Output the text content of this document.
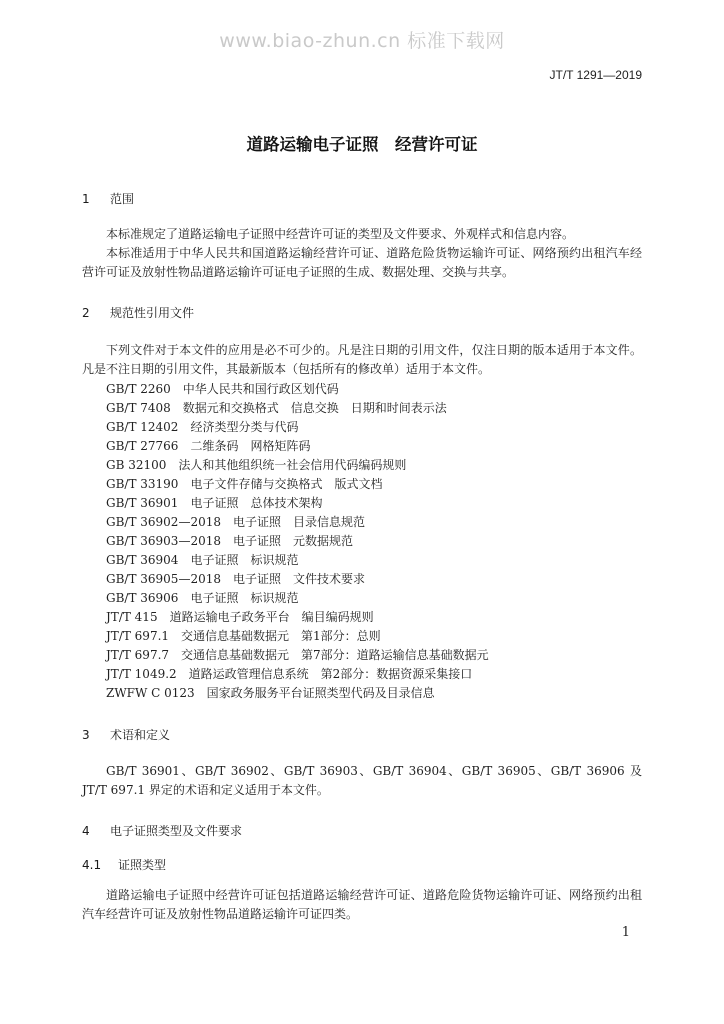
www.biao-zhun.cn 标准下载网
JT/T 1291—2019
道路运输电子证照　经营许可证
1 范围
本标准规定了道路运输电子证照中经营许可证的类型及文件要求、外观样式和信息内容。
本标准适用于中华人民共和国道路运输经营许可证、道路危险货物运输许可证、网络预约出租汽车经营许可证及放射性物品道路运输许可证电子证照的生成、数据处理、交换与共享。
2 规范性引用文件
下列文件对于本文件的应用是必不可少的。凡是注日期的引用文件，仅注日期的版本适用于本文件。凡是不注日期的引用文件，其最新版本（包括所有的修改单）适用于本文件。
GB/T 2260　中华人民共和国行政区划代码
GB/T 7408　数据元和交换格式　信息交换　日期和时间表示法
GB/T 12402　经济类型分类与代码
GB/T 27766　二维条码　网格矩阵码
GB 32100　法人和其他组织统一社会信用代码编码规则
GB/T 33190　电子文件存储与交换格式　版式文档
GB/T 36901　电子证照　总体技术架构
GB/T 36902—2018　电子证照　目录信息规范
GB/T 36903—2018　电子证照　元数据规范
GB/T 36904　电子证照　标识规范
GB/T 36905—2018　电子证照　文件技术要求
GB/T 36906　电子证照　标识规范
JT/T 415　道路运输电子政务平台　编目编码规则
JT/T 697.1　交通信息基础数据元　第1部分：总则
JT/T 697.7　交通信息基础数据元　第7部分：道路运输信息基础数据元
JT/T 1049.2　道路运政管理信息系统　第2部分：数据资源采集接口
ZWFW C 0123　国家政务服务平台证照类型代码及目录信息
3 术语和定义
GB/T 36901、GB/T 36902、GB/T 36903、GB/T 36904、GB/T 36905、GB/T 36906 及 JT/T 697.1 界定的术语和定义适用于本文件。
4 电子证照类型及文件要求
4.1 证照类型
道路运输电子证照中经营许可证包括道路运输经营许可证、道路危险货物运输许可证、网络预约出租汽车经营许可证及放射性物品道路运输许可证四类。
1
